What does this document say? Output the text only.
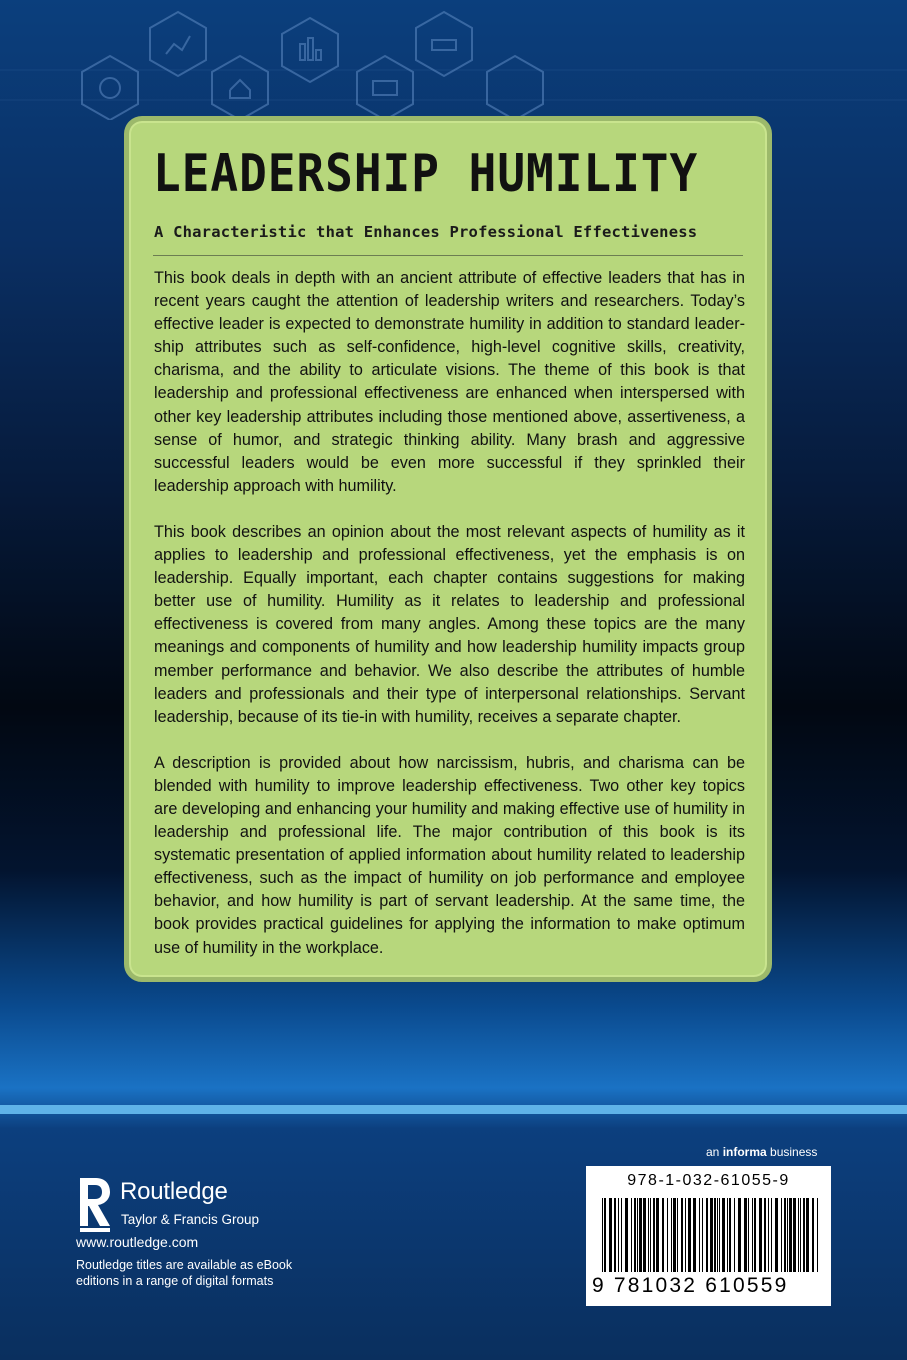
LEADERSHIP HUMILITY
A Characteristic that Enhances Professional Effectiveness

This book deals in depth with an ancient attribute of effective leaders that has in recent years caught the attention of leadership writers and researchers. Today’s effective leader is expected to demonstrate humility in addition to standard leadership attributes such as self-confidence, high-level cognitive skills, creativity, charisma, and the ability to articulate visions. The theme of this book is that leadership and professional effectiveness are enhanced when interspersed with other key leadership attributes including those mentioned above, assertiveness, a sense of humor, and strategic thinking ability. Many brash and aggressive successful leaders would be even more successful if they sprinkled their leadership approach with humility.

This book describes an opinion about the most relevant aspects of humility as it applies to leadership and professional effectiveness, yet the emphasis is on leadership. Equally important, each chapter contains suggestions for making better use of humility. Humility as it relates to leadership and professional effectiveness is covered from many angles. Among these topics are the many meanings and components of humility and how leadership humility impacts group member performance and behavior. We also describe the attributes of humble leaders and professionals and their type of interpersonal relationships. Servant leadership, because of its tie-in with humility, receives a separate chapter.

A description is provided about how narcissism, hubris, and charisma can be blended with humility to improve leadership effectiveness. Two other key topics are developing and enhancing your humility and making effective use of humility in leadership and professional life. The major contribution of this book is its systematic presentation of applied information about humility related to leadership effectiveness, such as the impact of humility on job performance and employee behavior, and how humility is part of servant leadership. At the same time, the book provides practical guidelines for applying the information to make optimum use of humility in the workplace.

Routledge

Taylor & Francis Group

www.routledge.com

Routledge titles are available as eBook editions in a range of digital formats

an informa business

978-1-032-61055-9

9 781032 610559
